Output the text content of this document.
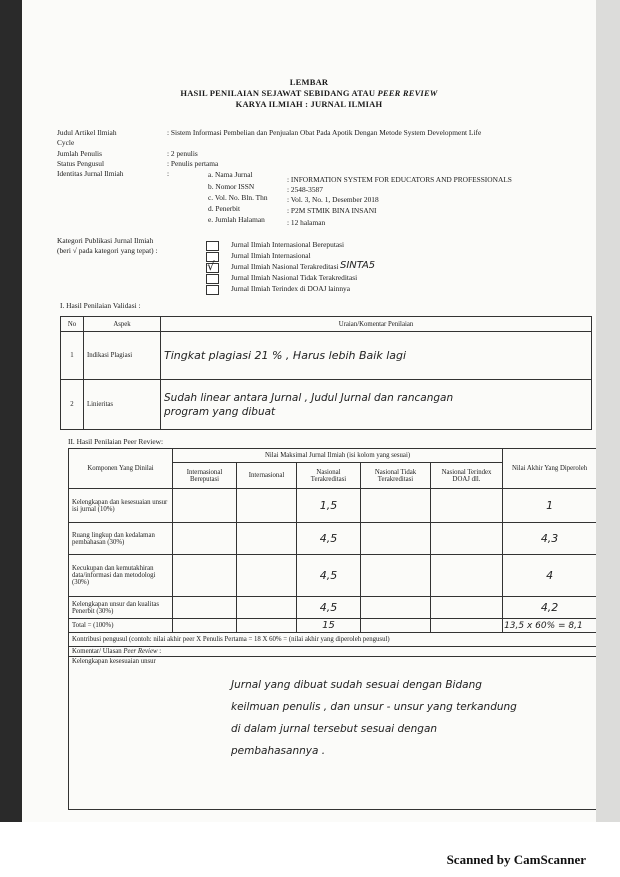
LEMBAR
HASIL PENILAIAN SEJAWAT SEBIDANG ATAU PEER REVIEW
KARYA ILMIAH : JURNAL ILMIAH
Judul Artikel Ilmiah
Cycle
: Sistem Informasi Pembelian dan Penjualan Obat Pada Apotik Dengan Metode System Development Life
Jumlah Penulis	: 2 penulis
Status Pengusul	: Penulis pertama
Identitas Jurnal Ilmiah	:	a. Nama Jurnal
: INFORMATION SYSTEM FOR EDUCATORS AND PROFESSIONALS
b. Nomor ISSN	: 2548-3587
c. Vol. No. Bln. Thn	: Vol. 3, No. 1, Desember 2018
d. Penerbit	: P2M STMIK BINA INSANI
e. Jumlah Halaman	: 12 halaman
Kategori Publikasi Jurnal Ilmiah
(beri √ pada kategori yang tepat) :
Jurnal Ilmiah Internasional Bereputasi
Jurnal Ilmiah Internasional
√ Jurnal Ilmiah Nasional Terakreditasi SINTA5
Jurnal Ilmiah Nasional Tidak Terakreditasi
Jurnal Ilmiah Terindex di DOAJ lainnya
I. Hasil Penilaian Validasi :
No	Aspek	Uraian/Komentar Penilaian
1	Indikasi Plagiasi	Tingkat plagiasi 21 % , Harus lebih Baik lagi
2	Linieritas	Sudah linear antara Jurnal , Judul Jurnal dan rancangan
program yang dibuat
II. Hasil Penilaian Peer Review:
Komponen Yang Dinilai	Nilai Maksimal Jurnal Ilmiah (isi kolom yang sesuai)					Nilai Akhir Yang Diperoleh
	Internasional Bereputasi	Internasional	Nasional Terakreditasi	Nasional Tidak Terakreditasi	Nasional Terindex DOAJ dll.	
Kelengkapan dan kesesuaian unsur isi jurnal (10%)			1,5			1
Ruang lingkup dan kedalaman pembahasan (30%)			4,5			4,3
Kecukupan dan kemutakhiran data/informasi dan metodologi (30%)			4,5			4
Kelengkapan unsur dan kualitas Penerbit (30%)			4,5			4,2
Total = (100%)			15			13,5 x 60% = 8,1
Kontribusi pengusul (contoh: nilai akhir peer X Penulis Pertama = 18 X 60% = (nilai akhir yang diperoleh pengusul)						
Komentar/ Ulasan Peer Review :						

Kelengkapan kesesuaian unsur
Jurnal yang dibuat sudah sesuai dengan Bidang
keilmuan penulis , dan unsur - unsur yang terkandung
di dalam jurnal tersebut sesuai dengan
pembahasannya .						
Scanned by CamScanner
